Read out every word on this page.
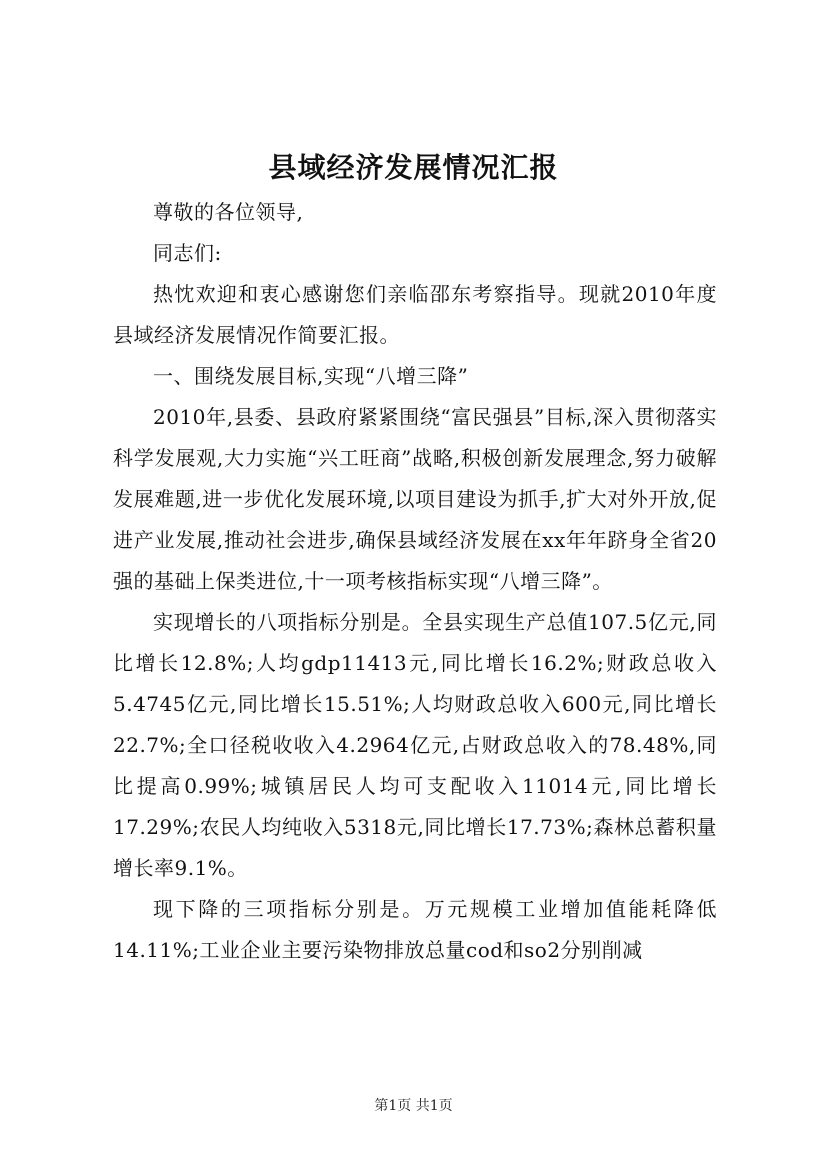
县域经济发展情况汇报

尊敬的各位领导,

同志们:

热忱欢迎和衷心感谢您们亲临邵东考察指导。现就2010年度县域经济发展情况作简要汇报。

一、围绕发展目标,实现“八增三降”

2010年,县委、县政府紧紧围绕“富民强县”目标,深入贯彻落实科学发展观,大力实施“兴工旺商”战略,积极创新发展理念,努力破解发展难题,进一步优化发展环境,以项目建设为抓手,扩大对外开放,促进产业发展,推动社会进步,确保县域经济发展在xx年年跻身全省20强的基础上保类进位,十一项考核指标实现“八增三降”。

实现增长的八项指标分别是。全县实现生产总值107.5亿元,同比增长12.8%;人均gdp11413元,同比增长16.2%;财政总收入5.4745亿元,同比增长15.51%;人均财政总收入600元,同比增长22.7%;全口径税收收入4.2964亿元,占财政总收入的78.48%,同比提高0.99%;城镇居民人均可支配收入11014元,同比增长17.29%;农民人均纯收入5318元,同比增长17.73%;森林总蓄积量增长率9.1%。

现下降的三项指标分别是。万元规模工业增加值能耗降低14.11%;工业企业主要污染物排放总量cod和so2分别削减

第1页 共1页
